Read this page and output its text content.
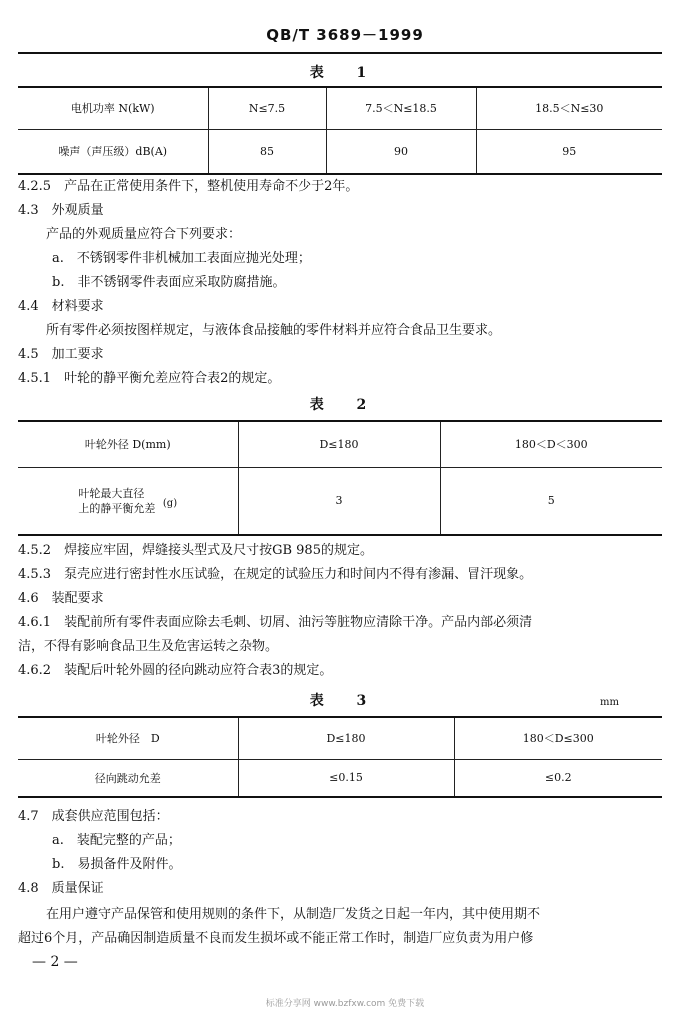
QB/T 3689－1999
表 1
电机功率 N(kW)	N≤7.5	7.5＜N≤18.5	18.5＜N≤30
噪声（声压级）dB(A)	85	90	95
4.2.5　产品在正常使用条件下，整机使用寿命不少于2年。
4.3　外观质量
产品的外观质量应符合下列要求：
a.　不锈钢零件非机械加工表面应抛光处理；
b.　非不锈钢零件表面应采取防腐措施。
4.4　材料要求
所有零件必须按图样规定，与液体食品接触的零件材料并应符合食品卫生要求。
4.5　加工要求
4.5.1　叶轮的静平衡允差应符合表2的规定。
表 2
叶轮外径 D(mm)	D≤180	180＜D＜300
叶轮最大直径
上的静平衡允差 (g)	3	5
4.5.2　焊接应牢固，焊缝接头型式及尺寸按GB 985的规定。
4.5.3　泵壳应进行密封性水压试验，在规定的试验压力和时间内不得有渗漏、冒汗现象。
4.6　装配要求
4.6.1　装配前所有零件表面应除去毛刺、切屑、油污等脏物应清除干净。产品内部必须清
洁，不得有影响食品卫生及危害运转之杂物。
4.6.2　装配后叶轮外圆的径向跳动应符合表3的规定。
表 3	mm
叶轮外径　D	D≤180	180＜D≤300
径向跳动允差	≤0.15	≤0.2
4.7　成套供应范围包括：
a.　装配完整的产品；
b.　易损备件及附件。
4.8　质量保证
在用户遵守产品保管和使用规则的条件下，从制造厂发货之日起一年内，其中使用期不
超过6个月，产品确因制造质量不良而发生损坏或不能正常工作时，制造厂应负责为用户修
— 2 —
标准分享网 www.bzfxw.com 免费下载
